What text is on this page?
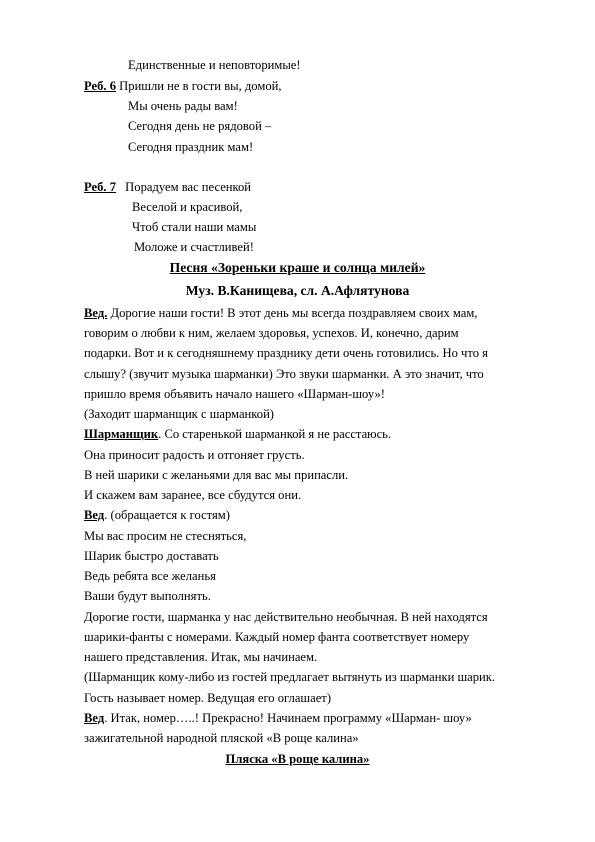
Единственные и неповторимые!
Реб. 6 Пришли не в гости вы, домой,
Мы очень рады вам!
Сегодня день не рядовой –
Сегодня праздник мам!
Реб. 7 Порадуем вас песенкой
Веселой и красивой,
Чтоб стали наши мамы
Моложе и счастливей!
Песня «Зореньки краше и солнца милей»
Муз. В.Канищева, сл. А.Афлятунова
Вед. Дорогие наши гости! В этот день мы всегда поздравляем своих мам,
говорим о любви к ним, желаем здоровья, успехов. И, конечно, дарим
подарки. Вот и к сегодняшнему празднику дети очень готовились. Но что я
слышу? (звучит музыка шарманки) Это звуки шарманки. А это значит, что
пришло время объявить начало нашего «Шарман-шоу»!
(Заходит шарманщик с шарманкой)
Шарманщик. Со старенькой шарманкой я не расстаюсь.
Она приносит радость и отгоняет грусть.
В ней шарики с желаньями для вас мы припасли.
И скажем вам заранее, все сбудутся они.
Вед. (обращается к гостям)
Мы вас просим не стесняться,
Шарик быстро доставать
Ведь ребята все желанья
Ваши будут выполнять.
Дорогие гости, шарманка у нас действительно необычная. В ней находятся
шарики-фанты с номерами. Каждый номер фанта соответствует номеру
нашего представления. Итак, мы начинаем.
(Шарманщик кому-либо из гостей предлагает вытянуть из шарманки шарик.
Гость называет номер. Ведущая его оглашает)
Вед. Итак, номер…..! Прекрасно! Начинаем программу «Шарман- шоу»
зажигательной народной пляской «В роще калина»
Пляска «В роще калина»
